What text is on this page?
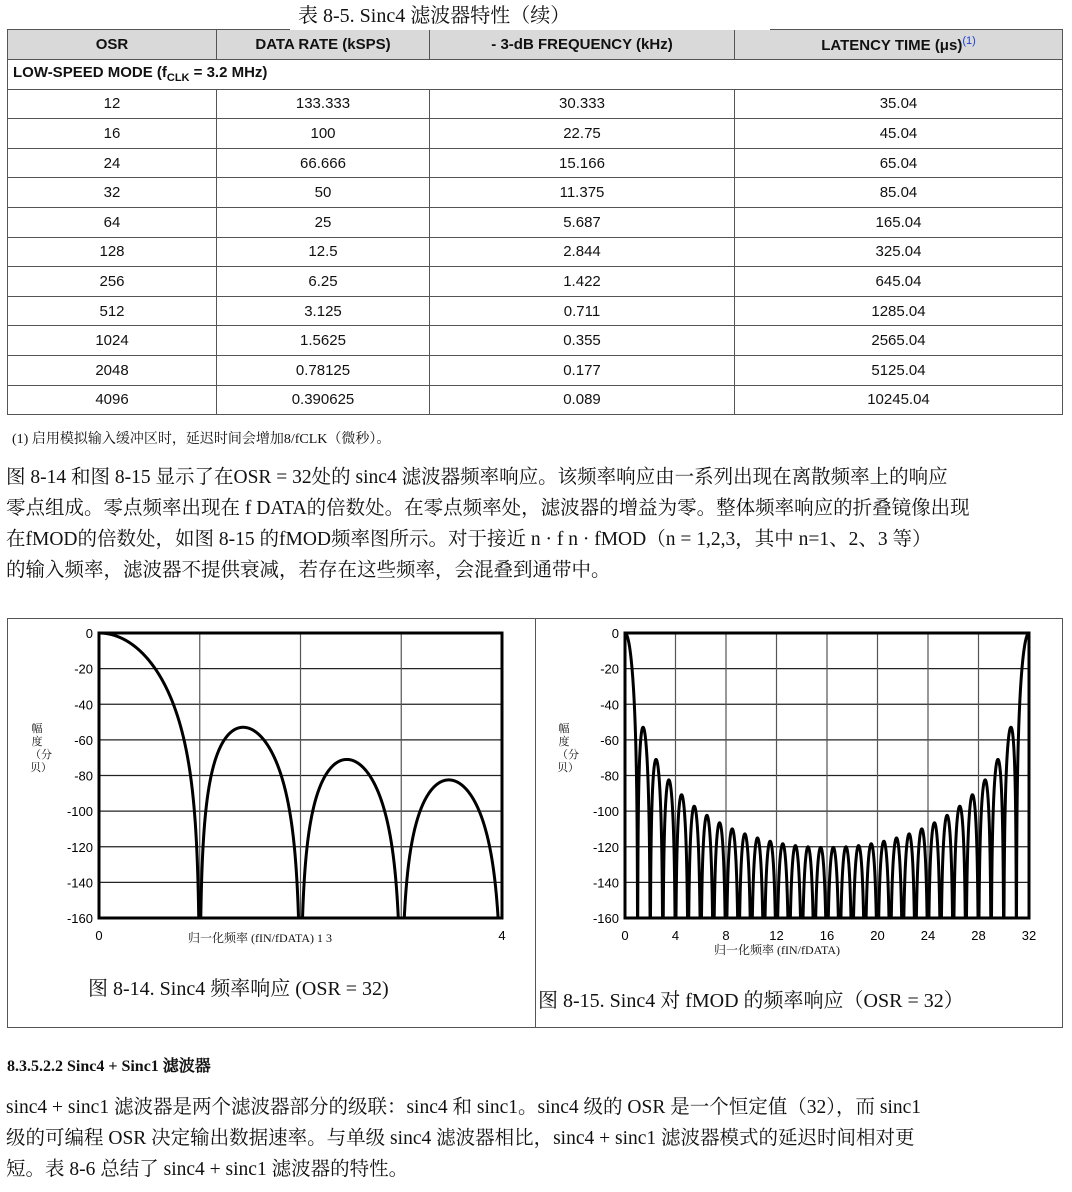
表 8-5. Sinc4 滤波器特性（续）
OSR	DATA RATE (kSPS)	- 3-dB FREQUENCY (kHz)	LATENCY TIME $(\mu s)^{(1)}$
LOW-SPEED MODE ($f_{CLK} = 3.2$ MHz)			
12	133.333	30.333	35.04
16	100	22.75	45.04
24	66.666	15.166	65.04
32	50	11.375	85.04
64	25	5.687	165.04
128	12.5	2.844	325.04
256	6.25	1.422	645.04
512	3.125	0.711	1285.04
1024	1.5625	0.355	2565.04
2048	0.78125	0.177	5125.04
4096	0.390625	0.089	10245.04
(1) 启用模拟输入缓冲区时，延迟时间会增加8/fCLK（微秒）。
图 8-14 和图 8-15 显示了在OSR = 32处的 sinc4 滤波器频率响应。该频率响应由一系列出现在离散频率上的响应
零点组成。零点频率出现在 f DATA的倍数处。在零点频率处，滤波器的增益为零。整体频率响应的折叠镜像出现
在fMOD的倍数处，如图 8-15 的fMOD频率图所示。对于接近 n · f n · fMOD（n = 1,2,3，其中 n=1、2、3 等）
的输入频率，滤波器不提供衰减，若存在这些频率，会混叠到通带中。
0
-20
-40
-60
-80
-100
-120
-140
-160
0	4
幅度（分贝）
归一化频率 (fIN/fDATA) 1 3
图 8-14. Sinc4 频率响应 (OSR = 32)
0
-20
-40
-60
-80
-100
-120
-140
-160
0	4	8	12	16	20	24	28	32
幅度（分贝）
归一化频率 (fIN/fDATA)
图 8-15. Sinc4 对 fMOD 的频率响应（OSR = 32）
8.3.5.2.2 Sinc4 + Sinc1 滤波器
sinc4 + sinc1 滤波器是两个滤波器部分的级联：sinc4 和 sinc1。sinc4 级的 OSR 是一个恒定值（32），而 sinc1
级的可编程 OSR 决定输出数据速率。与单级 sinc4 滤波器相比，sinc4 + sinc1 滤波器模式的延迟时间相对更
短。表 8-6 总结了 sinc4 + sinc1 滤波器的特性。
